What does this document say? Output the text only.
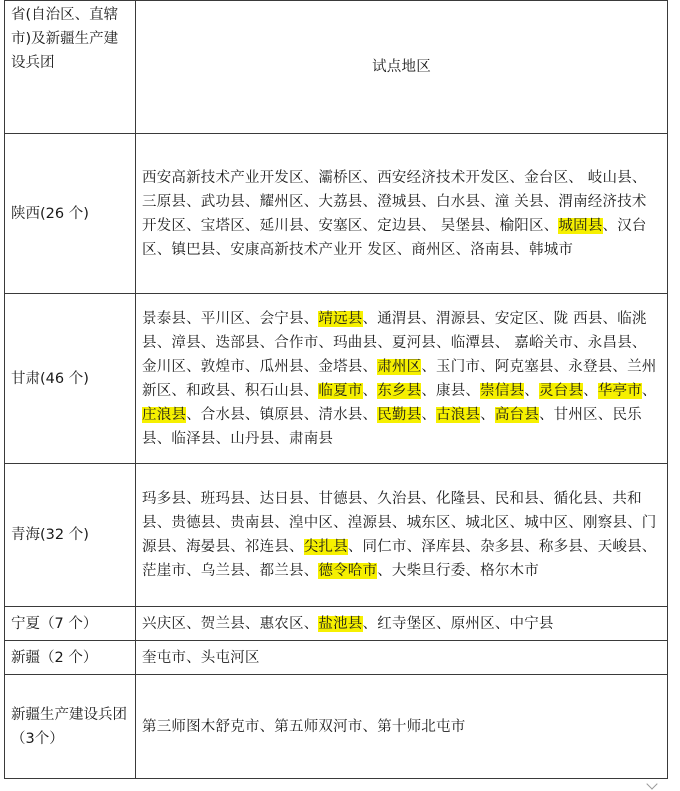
省(自治区、直辖市)及新疆生产建设兵团	试点地区
陕西(26 个)	西安高新技术产业开发区、灞桥区、西安经济技术开发区、金台区、 岐山县、三原县、武功县、耀州区、大荔县、澄城县、白水县、潼 关县、渭南经济技术开发区、宝塔区、延川县、安塞区、定边县、 吴堡县、榆阳区、城固县、汉台区、镇巴县、安康高新技术产业开 发区、商州区、洛南县、韩城市
甘肃(46 个)	景泰县、平川区、会宁县、靖远县、通渭县、渭源县、安定区、陇 西县、临洮县、漳县、迭部县、合作市、玛曲县、夏河县、临潭县、 嘉峪关市、永昌县、金川区、敦煌市、瓜州县、金塔县、肃州区、玉门市、阿克塞县、永登县、兰州新区、和政县、积石山县、临夏市、东乡县、康县、崇信县、灵台县、华亭市、庄浪县、合水县、镇原县、清水县、民勤县、古浪县、高台县、甘州区、民乐县、临泽县、山丹县、肃南县
青海(32 个)	玛多县、班玛县、达日县、甘德县、久治县、化隆县、民和县、循化县、共和县、贵德县、贵南县、湟中区、湟源县、城东区、城北区、城中区、刚察县、门源县、海晏县、祁连县、尖扎县、同仁市、泽库县、杂多县、称多县、天峻县、茫崖市、乌兰县、都兰县、德令哈市、大柴旦行委、格尔木市
宁夏（7 个）	兴庆区、贺兰县、惠农区、盐池县、红寺堡区、原州区、中宁县
新疆（2 个）	奎屯市、头屯河区
新疆生产建设兵团（3个）	第三师图木舒克市、第五师双河市、第十师北屯市
